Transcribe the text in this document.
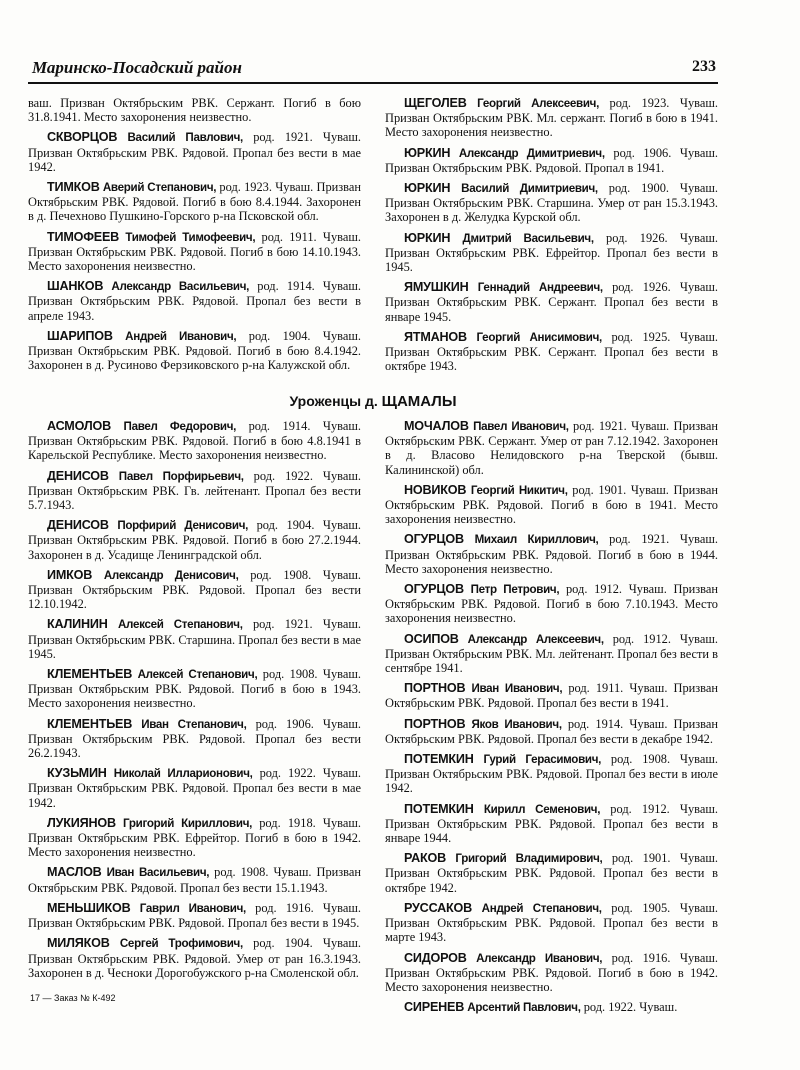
Маринско-Посадский район	233

ваш. Призван Октябрьским РВК. Сержант. Погиб в бою 31.8.1941. Место захоронения неизвестно.

СКВОРЦОВ Василий Павлович, род. 1921. Чуваш. Призван Октябрьским РВК. Рядовой. Пропал без вести в мае 1942.

ТИМКОВ Аверий Степанович, род. 1923. Чуваш. Призван Октябрьским РВК. Рядовой. Погиб в бою 8.4.1944. Захоронен в д. Печехново Пушкино-Горского р-на Псковской обл.

ТИМОФЕЕВ Тимофей Тимофеевич, род. 1911. Чуваш. Призван Октябрьским РВК. Рядовой. Погиб в бою 14.10.1943. Место захоронения неизвестно.

ШАНКОВ Александр Васильевич, род. 1914. Чуваш. Призван Октябрьским РВК. Рядовой. Пропал без вести в апреле 1943.

ШАРИПОВ Андрей Иванович, род. 1904. Чуваш. Призван Октябрьским РВК. Рядовой. Погиб в бою 8.4.1942. Захоронен в д. Русиново Ферзиковского р-на Калужской обл.

ЩЕГОЛЕВ Георгий Алексеевич, род. 1923. Чуваш. Призван Октябрьским РВК. Мл. сержант. Погиб в бою в 1941. Место захоронения неизвестно.

ЮРКИН Александр Димитриевич, род. 1906. Чуваш. Призван Октябрьским РВК. Рядовой. Пропал в 1941.

ЮРКИН Василий Димитриевич, род. 1900. Чуваш. Призван Октябрьским РВК. Старшина. Умер от ран 15.3.1943. Захоронен в д. Желудка Курской обл.

ЮРКИН Дмитрий Васильевич, род. 1926. Чуваш. Призван Октябрьским РВК. Ефрейтор. Пропал без вести в 1945.

ЯМУШКИН Геннадий Андреевич, род. 1926. Чуваш. Призван Октябрьским РВК. Сержант. Пропал без вести в январе 1945.

ЯТМАНОВ Георгий Анисимович, род. 1925. Чуваш. Призван Октябрьским РВК. Сержант. Пропал без вести в октябре 1943.

Уроженцы д. ЩАМАЛЫ

АСМОЛОВ Павел Федорович, род. 1914. Чуваш. Призван Октябрьским РВК. Рядовой. Погиб в бою 4.8.1941 в Карельской Республике. Место захоронения неизвестно.

ДЕНИСОВ Павел Порфирьевич, род. 1922. Чуваш. Призван Октябрьским РВК. Гв. лейтенант. Пропал без вести 5.7.1943.

ДЕНИСОВ Порфирий Денисович, род. 1904. Чуваш. Призван Октябрьским РВК. Рядовой. Погиб в бою 27.2.1944. Захоронен в д. Усадище Ленинградской обл.

ИМКОВ Александр Денисович, род. 1908. Чуваш. Призван Октябрьским РВК. Рядовой. Пропал без вести 12.10.1942.

КАЛИНИН Алексей Степанович, род. 1921. Чуваш. Призван Октябрьским РВК. Старшина. Пропал без вести в мае 1945.

КЛЕМЕНТЬЕВ Алексей Степанович, род. 1908. Чуваш. Призван Октябрьским РВК. Рядовой. Погиб в бою в 1943. Место захоронения неизвестно.

КЛЕМЕНТЬЕВ Иван Степанович, род. 1906. Чуваш. Призван Октябрьским РВК. Рядовой. Пропал без вести 26.2.1943.

КУЗЬМИН Николай Илларионович, род. 1922. Чуваш. Призван Октябрьским РВК. Рядовой. Пропал без вести в мае 1942.

ЛУКИЯНОВ Григорий Кириллович, род. 1918. Чуваш. Призван Октябрьским РВК. Ефрейтор. Погиб в бою в 1942. Место захоронения неизвестно.

МАСЛОВ Иван Васильевич, род. 1908. Чуваш. Призван Октябрьским РВК. Рядовой. Пропал без вести 15.1.1943.

МЕНЬШИКОВ Гаврил Иванович, род. 1916. Чуваш. Призван Октябрьским РВК. Рядовой. Пропал без вести в 1945.

МИЛЯКОВ Сергей Трофимович, род. 1904. Чуваш. Призван Октябрьским РВК. Рядовой. Умер от ран 16.3.1943. Захоронен в д. Чесноки Дорогобужского р-на Смоленской обл.

МОЧАЛОВ Павел Иванович, род. 1921. Чуваш. Призван Октябрьским РВК. Сержант. Умер от ран 7.12.1942. Захоронен в д. Власово Нелидовского р-на Тверской (бывш. Калининской) обл.

НОВИКОВ Георгий Никитич, род. 1901. Чуваш. Призван Октябрьским РВК. Рядовой. Погиб в бою в 1941. Место захоронения неизвестно.

ОГУРЦОВ Михаил Кириллович, род. 1921. Чуваш. Призван Октябрьским РВК. Рядовой. Погиб в бою в 1944. Место захоронения неизвестно.

ОГУРЦОВ Петр Петрович, род. 1912. Чуваш. Призван Октябрьским РВК. Рядовой. Погиб в бою 7.10.1943. Место захоронения неизвестно.

ОСИПОВ Александр Алексеевич, род. 1912. Чуваш. Призван Октябрьским РВК. Мл. лейтенант. Пропал без вести в сентябре 1941.

ПОРТНОВ Иван Иванович, род. 1911. Чуваш. Призван Октябрьским РВК. Рядовой. Пропал без вести в 1941.

ПОРТНОВ Яков Иванович, род. 1914. Чуваш. Призван Октябрьским РВК. Рядовой. Пропал без вести в декабре 1942.

ПОТЕМКИН Гурий Герасимович, род. 1908. Чуваш. Призван Октябрьским РВК. Рядовой. Пропал без вести в июле 1942.

ПОТЕМКИН Кирилл Семенович, род. 1912. Чуваш. Призван Октябрьским РВК. Рядовой. Пропал без вести в январе 1944.

РАКОВ Григорий Владимирович, род. 1901. Чуваш. Призван Октябрьским РВК. Рядовой. Пропал без вести в октябре 1942.

РУССАКОВ Андрей Степанович, род. 1905. Чуваш. Призван Октябрьским РВК. Рядовой. Пропал без вести в марте 1943.

СИДОРОВ Александр Иванович, род. 1916. Чуваш. Призван Октябрьским РВК. Рядовой. Погиб в бою в 1942. Место захоронения неизвестно.

СИРЕНЕВ Арсентий Павлович, род. 1922. Чуваш.

17 — Заказ № К-492
